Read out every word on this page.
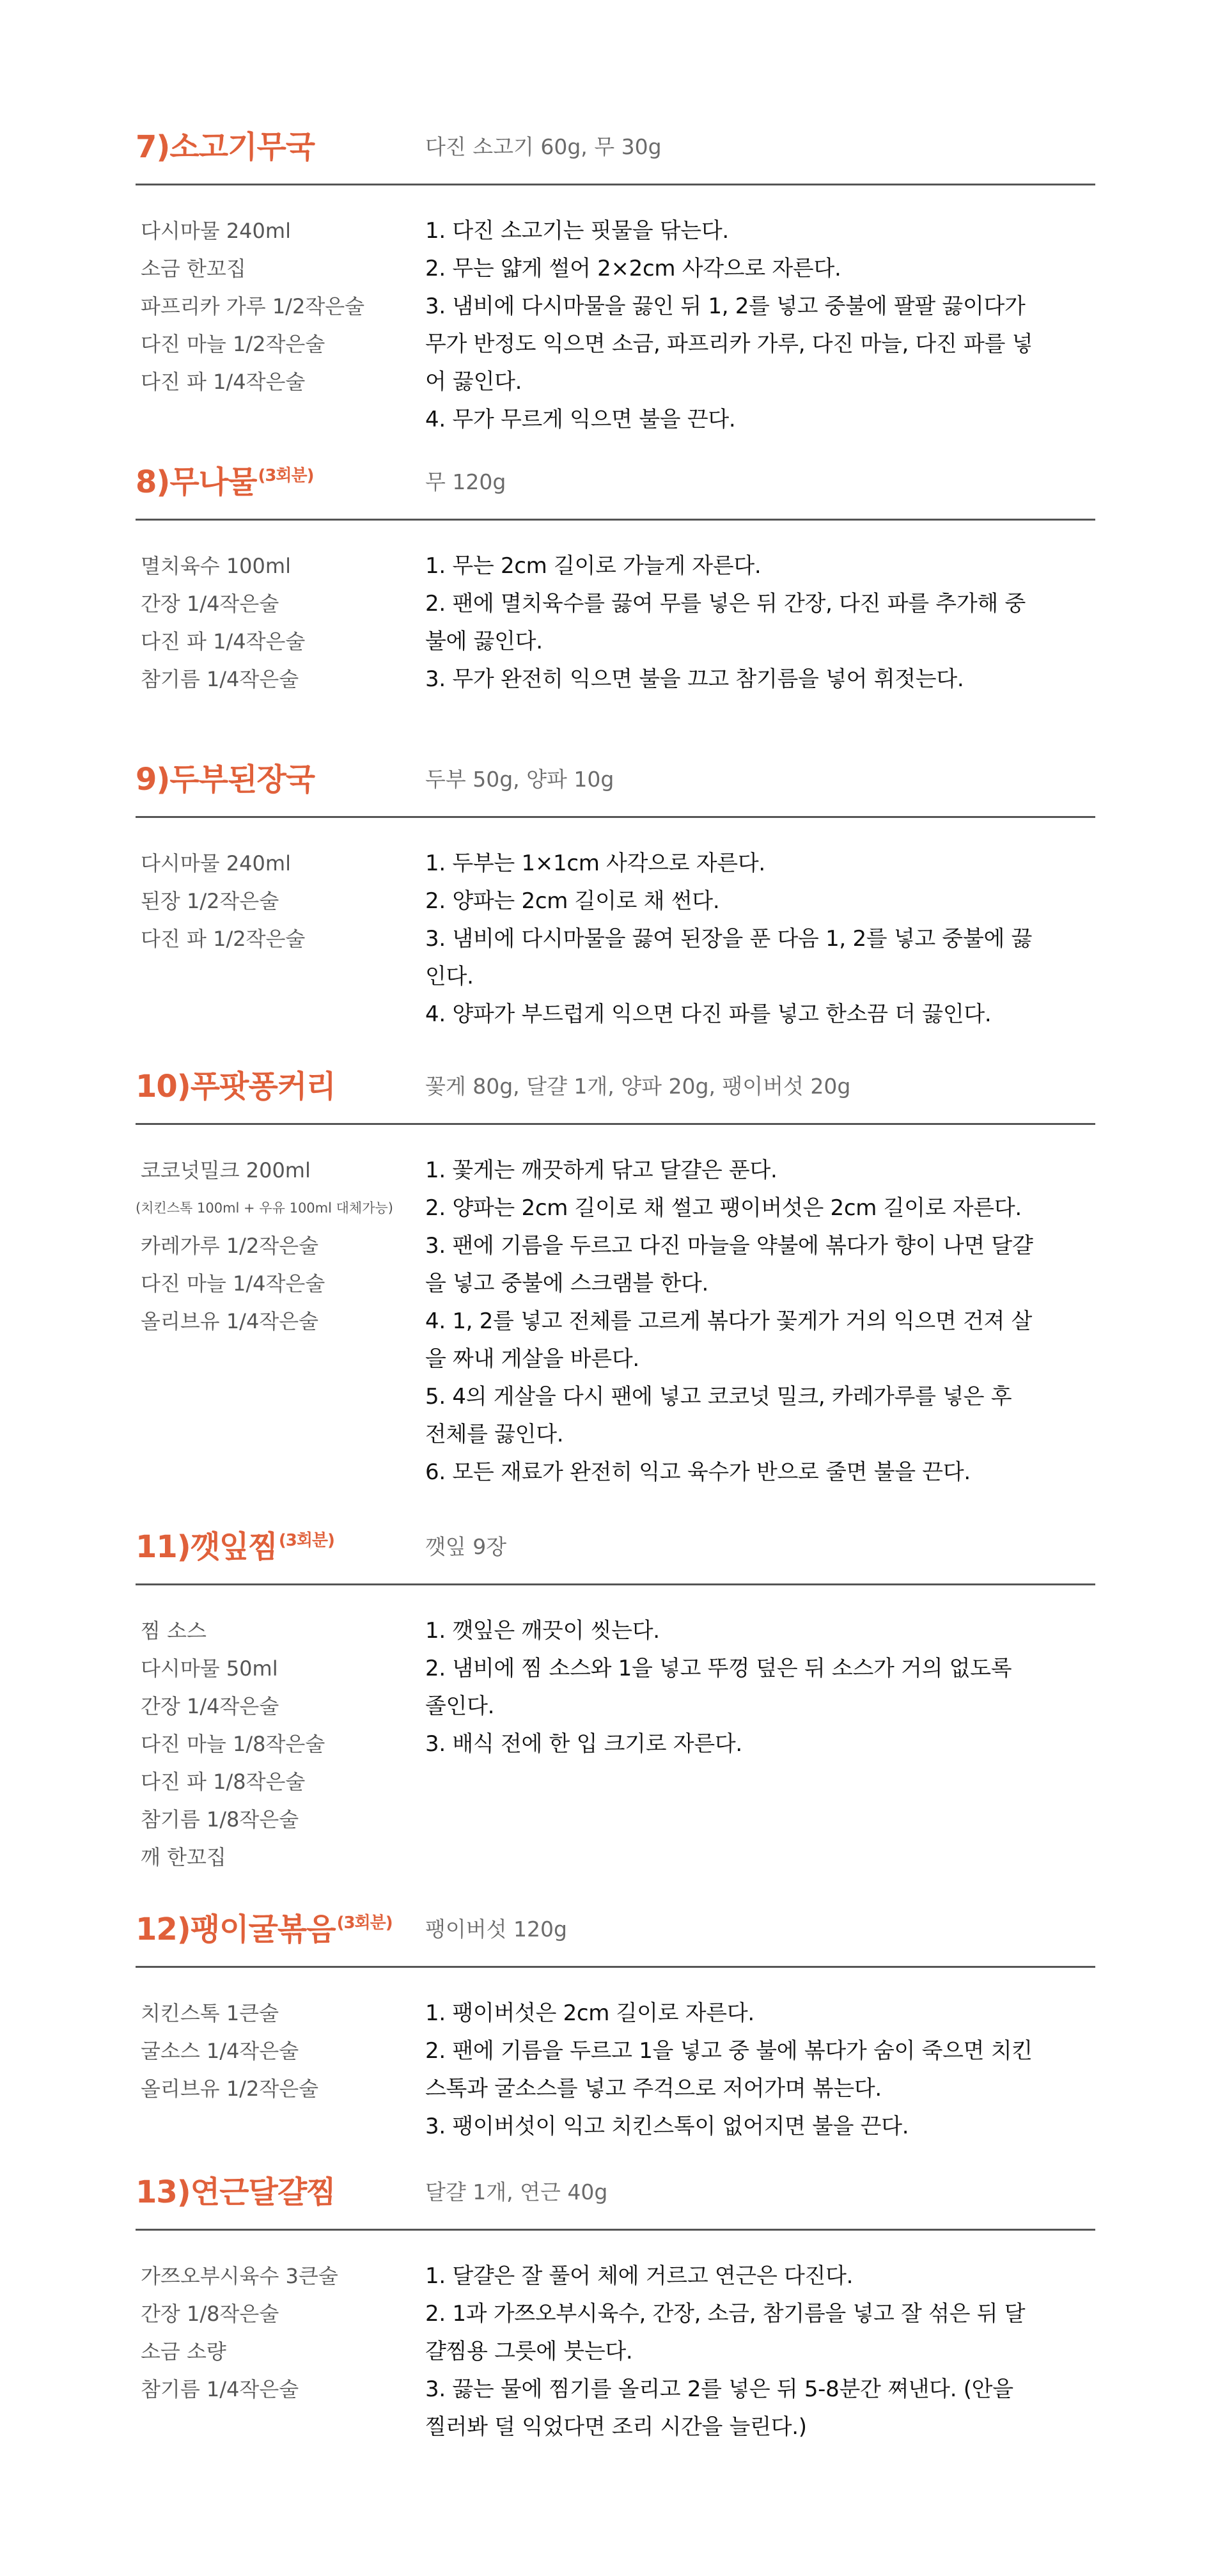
7)소고기무국	다진 소고기 60g, 무 30g
다시마물 240ml
소금 한꼬집
파프리카 가루 1/2작은술
다진 마늘 1/2작은술
다진 파 1/4작은술

1. 다진 소고기는 핏물을 닦는다.

2. 무는 얇게 썰어 2×2cm 사각으로 자른다.

3. 냄비에 다시마물을 끓인 뒤 1, 2를 넣고 중불에 팔팔 끓이다가 무가 반정도 익으면 소금, 파프리카 가루, 다진 마늘, 다진 파를 넣어 끓인다.

4. 무가 무르게 익으면 불을 끈다.

8)무나물$^{(3회분)}$	무 120g
멸치육수 100ml
간장 1/4작은술
다진 파 1/4작은술
참기름 1/4작은술

1. 무는 2cm 길이로 가늘게 자른다.

2. 팬에 멸치육수를 끓여 무를 넣은 뒤 간장, 다진 파를 추가해 중불에 끓인다.

3. 무가 완전히 익으면 불을 끄고 참기름을 넣어 휘젓는다.

9)두부된장국	두부 50g, 양파 10g
다시마물 240ml
된장 1/2작은술
다진 파 1/2작은술

1. 두부는 1×1cm 사각으로 자른다.

2. 양파는 2cm 길이로 채 썬다.

3. 냄비에 다시마물을 끓여 된장을 푼 다음 1, 2를 넣고 중불에 끓인다.

4. 양파가 부드럽게 익으면 다진 파를 넣고 한소끔 더 끓인다.

10)푸팟퐁커리	꽃게 80g, 달걀 1개, 양파 20g, 팽이버섯 20g
코코넛밀크 200ml
(치킨스톡 100ml + 우유 100ml 대체가능)
카레가루 1/2작은술
다진 마늘 1/4작은술
올리브유 1/4작은술

1. 꽃게는 깨끗하게 닦고 달걀은 푼다.

2. 양파는 2cm 길이로 채 썰고 팽이버섯은 2cm 길이로 자른다.

3. 팬에 기름을 두르고 다진 마늘을 약불에 볶다가 향이 나면 달걀을 넣고 중불에 스크램블 한다.

4. 1, 2를 넣고 전체를 고르게 볶다가 꽃게가 거의 익으면 건져 살을 짜내 게살을 바른다.

5. 4의 게살을 다시 팬에 넣고 코코넛 밀크, 카레가루를 넣은 후 전체를 끓인다.

6. 모든 재료가 완전히 익고 육수가 반으로 줄면 불을 끈다.

11)깻잎찜$^{(3회분)}$	깻잎 9장
찜 소스
다시마물 50ml
간장 1/4작은술
다진 마늘 1/8작은술
다진 파 1/8작은술
참기름 1/8작은술
깨 한꼬집

1. 깻잎은 깨끗이 씻는다.

2. 냄비에 찜 소스와 1을 넣고 뚜껑 덮은 뒤 소스가 거의 없도록 졸인다.

3. 배식 전에 한 입 크기로 자른다.

12)팽이굴볶음$^{(3회분)}$ 팽이버섯 120g
치킨스톡 1큰술
굴소스 1/4작은술
올리브유 1/2작은술

1. 팽이버섯은 2cm 길이로 자른다.

2. 팬에 기름을 두르고 1을 넣고 중 불에 볶다가 숨이 죽으면 치킨스톡과 굴소스를 넣고 주걱으로 저어가며 볶는다.

3. 팽이버섯이 익고 치킨스톡이 없어지면 불을 끈다.

13)연근달걀찜	달걀 1개, 연근 40g
가쯔오부시육수 3큰술
간장 1/8작은술
소금 소량
참기름 1/4작은술

1. 달걀은 잘 풀어 체에 거르고 연근은 다진다.

2. 1과 가쯔오부시육수, 간장, 소금, 참기름을 넣고 잘 섞은 뒤 달걀찜용 그릇에 붓는다.

3. 끓는 물에 찜기를 올리고 2를 넣은 뒤 5-8분간 쪄낸다. (안을 찔러봐 덜 익었다면 조리 시간을 늘린다.)
